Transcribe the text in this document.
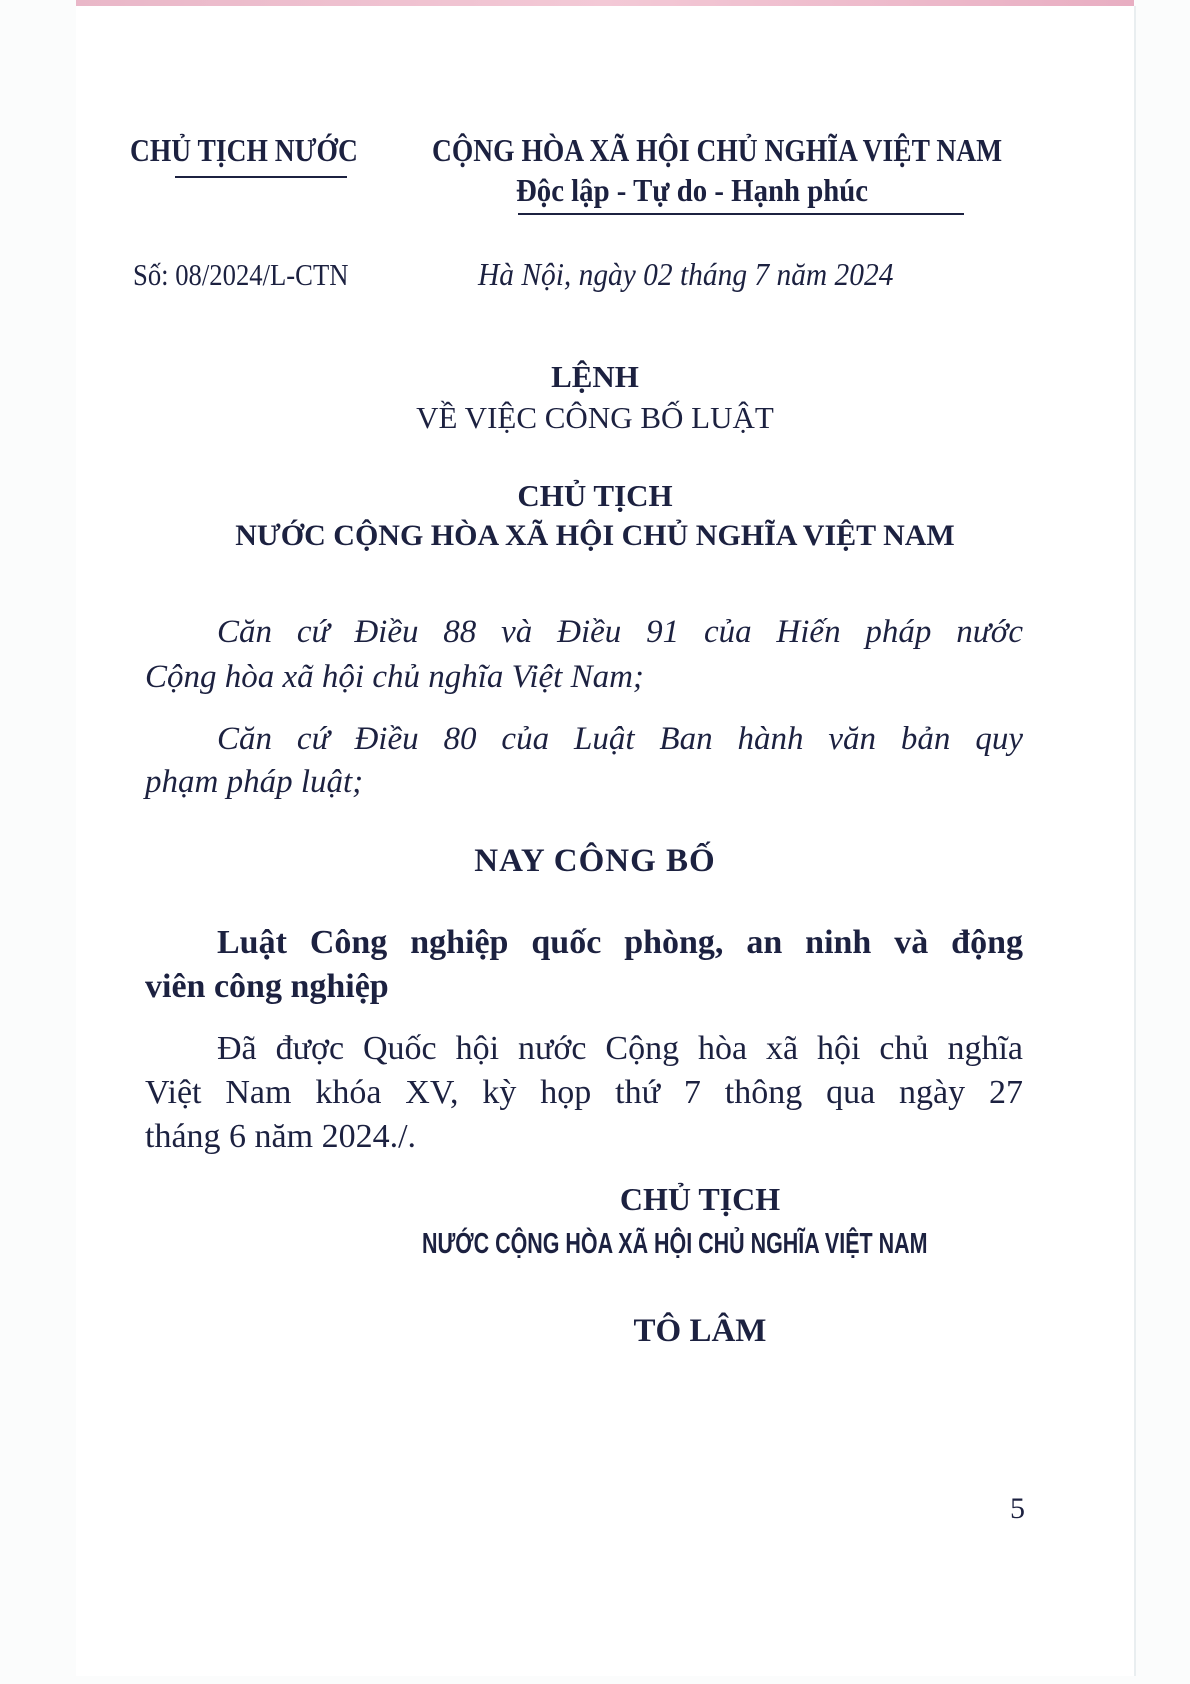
CHỦ TỊCH NƯỚC	CỘNG HÒA XÃ HỘI CHỦ NGHĨA VIỆT NAM
Độc lập - Tự do - Hạnh phúc
Số: 08/2024/L-CTN	Hà Nội, ngày 02 tháng 7 năm 2024
LỆNH
VỀ VIỆC CÔNG BỐ LUẬT
CHỦ TỊCH
NƯỚC CỘNG HÒA XÃ HỘI CHỦ NGHĨA VIỆT NAM
Căn cứ Điều 88 và Điều 91 của Hiến pháp nước
Cộng hòa xã hội chủ nghĩa Việt Nam;
Căn cứ Điều 80 của Luật Ban hành văn bản quy
phạm pháp luật;
NAY CÔNG BỐ
Luật Công nghiệp quốc phòng, an ninh và động
viên công nghiệp
Đã được Quốc hội nước Cộng hòa xã hội chủ nghĩa
Việt Nam khóa XV, kỳ họp thứ 7 thông qua ngày 27
tháng 6 năm 2024./.
CHỦ TỊCH
NƯỚC CỘNG HÒA XÃ HỘI CHỦ NGHĨA VIỆT NAM
TÔ LÂM
5
